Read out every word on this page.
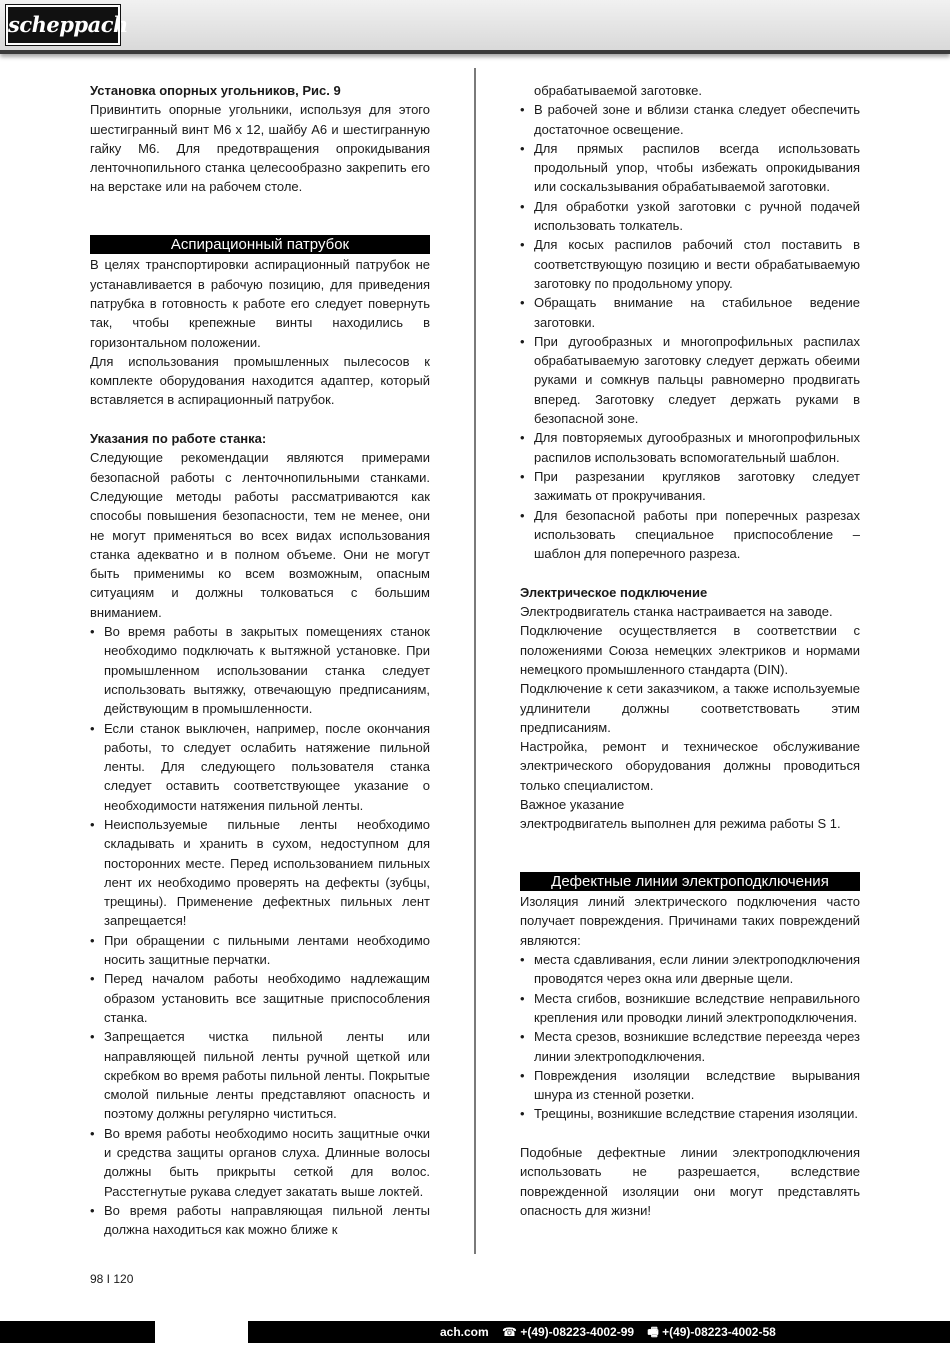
scheppach

Установка опорных угольников, Рис. 9

Привинтить опорные угольники, используя для этого шестигранный винт M6 x 12, шайбу A6 и шестигранную гайку M6. Для предотвращения опрокидывания ленточнопильного станка целесообразно закрепить его на верстаке или на рабочем столе.

Аспирационный патрубок

В целях транспортировки аспирационный патрубок не устанавливается в рабочую позицию, для приведения патрубка в готовность к работе его следует повернуть так, чтобы крепежные винты находились в горизонтальном положении.

Для использования промышленных пылесосов к комплекте оборудования находится адаптер, который вставляется в аспирационный патрубок.

Указания по работе станка:

Следующие рекомендации являются примерами безопасной работы с ленточнопильными станками. Следующие методы работы рассматриваются как способы повышения безопасности, тем не менее, они не могут применяться во всех видах использования станка адекватно и в полном объеме. Они не могут быть применимы ко всем возможным, опасным ситуациям и должны толковаться с большим вниманием.

• Во время работы в закрытых помещениях станок необходимо подключать к вытяжной установке. При промышленном использовании станка следует использовать вытяжку, отвечающую предписаниям, действующим в промышленности.
• Если станок выключен, например, после окончания работы, то следует ослабить натяжение пильной ленты. Для следующего пользователя станка следует оставить соответствующее указание о необходимости натяжения пильной ленты.
• Неиспользуемые пильные ленты необходимо складывать и хранить в сухом, недоступном для посторонних месте. Перед использованием пильных лент их необходимо проверять на дефекты (зубцы, трещины). Применение дефектных пильных лент запрещается!
• При обращении с пильными лентами необходимо носить защитные перчатки.
• Перед началом работы необходимо надлежащим образом установить все защитные приспособления станка.
• Запрещается чистка пильной ленты или направляющей пильной ленты ручной щеткой или скребком во время работы пильной ленты. Покрытые смолой пильные ленты представляют опасность и поэтому должны регулярно чиститься.
• Во время работы необходимо носить защитные очки и средства защиты органов слуха. Длинные волосы должны быть прикрыты сеткой для волос. Расстегнутые рукава следует закатать выше локтей.
• Во время работы направляющая пильной ленты должна находиться как можно ближе к

обрабатываемой заготовке.

• В рабочей зоне и вблизи станка следует обеспечить достаточное освещение.
• Для прямых распилов всегда использовать продольный упор, чтобы избежать опрокидывания или соскальзывания обрабатываемой заготовки.
• Для обработки узкой заготовки с ручной подачей использовать толкатель.
• Для косых распилов рабочий стол поставить в соответствующую позицию и вести обрабатываемую заготовку по продольному упору.
• Обращать внимание на стабильное ведение заготовки.
• При дугообразных и многопрофильных распилах обрабатываемую заготовку следует держать обеими руками и сомкнув пальцы равномерно продвигать вперед. Заготовку следует держать руками в безопасной зоне.
• Для повторяемых дугообразных и многопрофильных распилов использовать вспомогательный шаблон.
• При разрезании кругляков заготовку следует зажимать от прокручивания.
• Для безопасной работы при поперечных разрезах использовать специальное приспособление – шаблон для поперечного разреза.

Электрическое подключение

Электродвигатель станка настраивается на заводе.

Подключение осуществляется в соответствии с положениями Союза немецких электриков и нормами немецкого промышленного стандарта (DIN).

Подключение к сети заказчиком, а также используемые удлинители должны соответствовать этим предписаниям.

Настройка, ремонт и техническое обслуживание электрического оборудования должны проводиться только специалистом.

Важное указание

электродвигатель выполнен для режима работы S 1.

Дефектные линии электроподключения

Изоляция линий электрического подключения часто получает повреждения. Причинами таких повреждений являются:

• места сдавливания, если линии электроподключения проводятся через окна или дверные щели.
• Места сгибов, возникшие вследствие неправильного крепления или проводки линий электроподключения.
• Места срезов, возникшие вследствие переезда через линии электроподключения.
• Повреждения изоляции вследствие вырывания шнура из стенной розетки.
• Трещины, возникшие вследствие старения изоляции.

Подобные дефектные линии электроподключения использовать не разрешается, вследствие поврежденной изоляции они могут представлять опасность для жизни!

98 I 120
ach.com ☎ +(49)-08223-4002-99 🖷 +(49)-08223-4002-58
